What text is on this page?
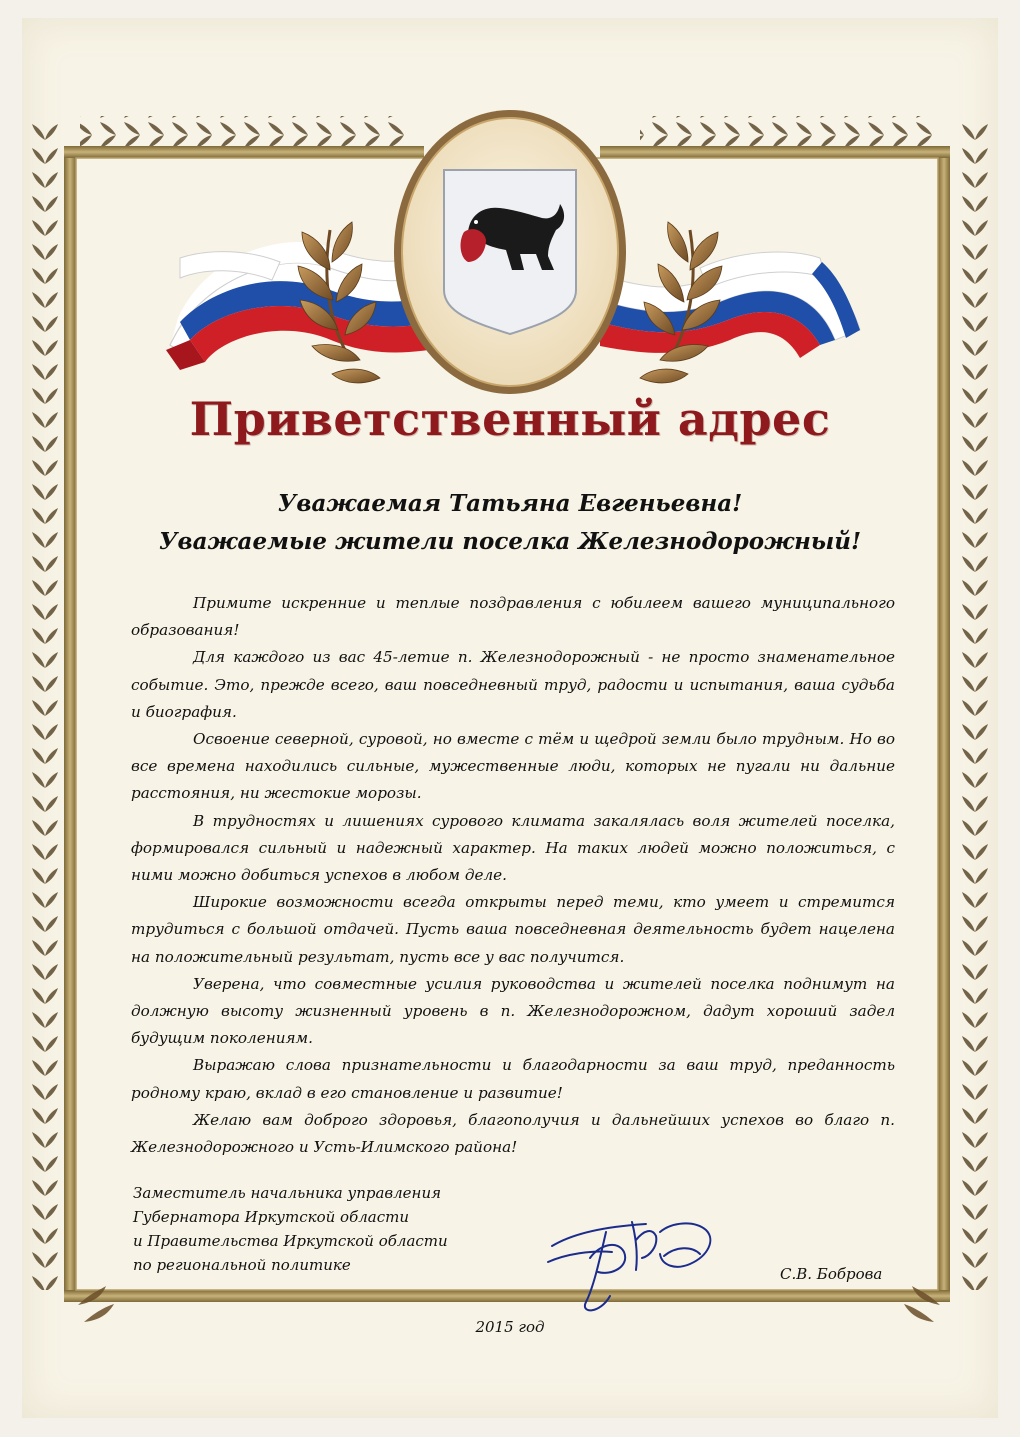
Приветственный адрес
Уважаемая Татьяна Евгеньевна!
Уважаемые жители поселка Железнодорожный!

Примите искренние и теплые поздравления с юбилеем вашего муниципального образования!

Для каждого из вас 45-летие п. Железнодорожный - не просто знаменательное событие. Это, прежде всего, ваш повседневный труд, радости и испытания, ваша судьба и биография.

Освоение северной, суровой, но вместе с тём и щедрой земли было трудным. Но во все времена находились сильные, мужественные люди, которых не пугали ни дальние расстояния, ни жестокие морозы.

В трудностях и лишениях сурового климата закалялась воля жителей поселка, формировался сильный и надежный характер. На таких людей можно положиться, с ними можно добиться успехов в любом деле.

Широкие возможности всегда открыты перед теми, кто умеет и стремится трудиться с большой отдачей. Пусть ваша повседневная деятельность будет нацелена на положительный результат, пусть все у вас получится.

Уверена, что совместные усилия руководства и жителей поселка поднимут на должную высоту жизненный уровень в п. Железнодорожном, дадут хороший задел будущим поколениям.

Выражаю слова признательности и благодарности за ваш труд, преданность родному краю, вклад в его становление и развитие!

Желаю вам доброго здоровья, благополучия и дальнейших успехов во благо п. Железнодорожного и Усть-Илимского района!

Заместитель начальника управления
Губернатора Иркутской области
и Правительства Иркутской области
по региональной политике	С.В. Боброва
2015 год
